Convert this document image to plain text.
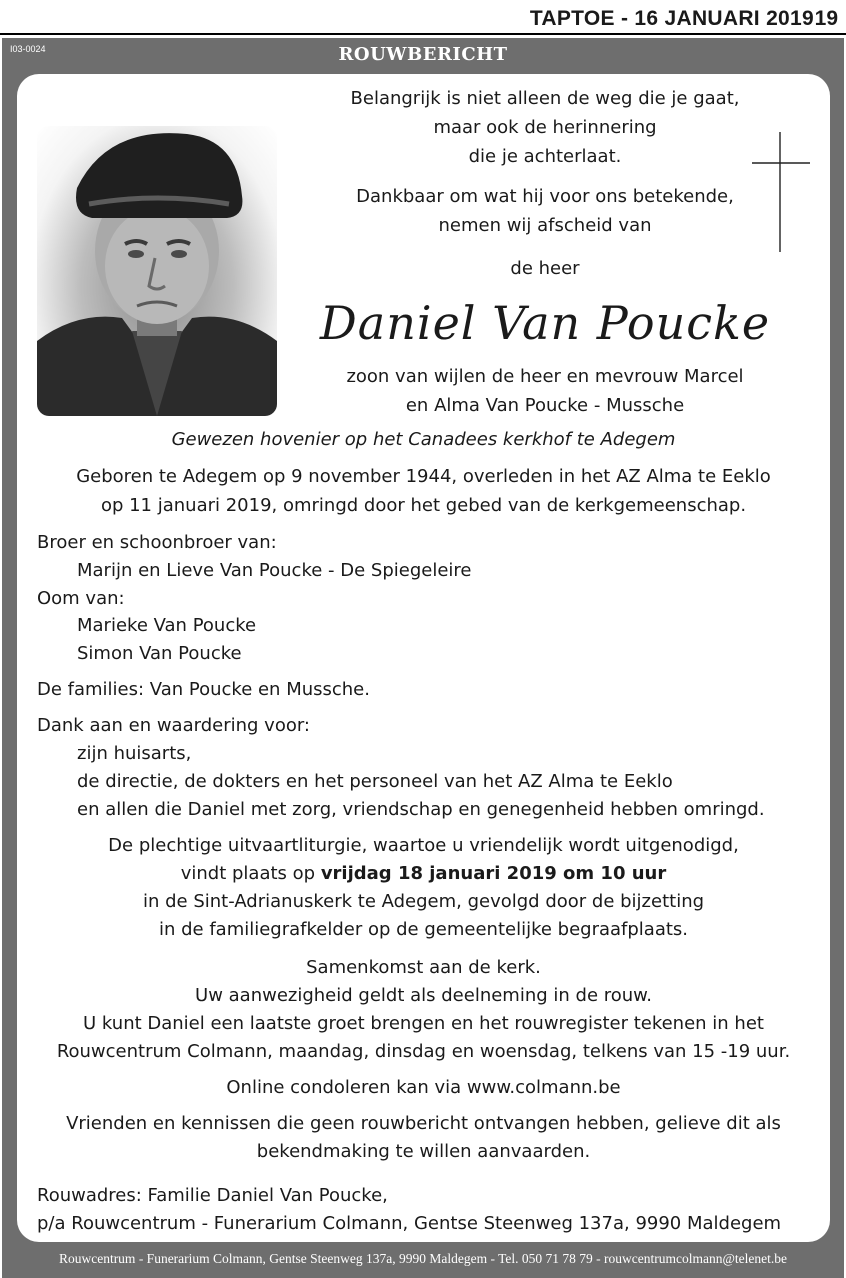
TAPTOE - 16 JANUARI 2019 19
I03-0024	ROUWBERICHT
Rouwcentrum - Funerarium Colmann, Gentse Steenweg 137a, 9990 Maldegem - Tel. 050 71 78 79 - rouwcentrumcolmann@telenet.be
Belangrijk is niet alleen de weg die je gaat,
maar ook de herinnering
die je achterlaat.
Dankbaar om wat hij voor ons betekende,
nemen wij afscheid van
de heer
Daniel Van Poucke
zoon van wijlen de heer en mevrouw Marcel
en Alma Van Poucke - Mussche
Gewezen hovenier op het Canadees kerkhof te Adegem
Geboren te Adegem op 9 november 1944, overleden in het AZ Alma te Eeklo
op 11 januari 2019, omringd door het gebed van de kerkgemeenschap.
Broer en schoonbroer van:
Marijn en Lieve Van Poucke - De Spiegeleire
Oom van:
Marieke Van Poucke
Simon Van Poucke
De families: Van Poucke en Mussche.
Dank aan en waardering voor:
zijn huisarts,
de directie, de dokters en het personeel van het AZ Alma te Eeklo
en allen die Daniel met zorg, vriendschap en genegenheid hebben omringd.
De plechtige uitvaartliturgie, waartoe u vriendelijk wordt uitgenodigd,
vindt plaats op vrijdag 18 januari 2019 om 10 uur
in de Sint-Adrianuskerk te Adegem, gevolgd door de bijzetting
in de familiegrafkelder op de gemeentelijke begraafplaats.
Samenkomst aan de kerk.
Uw aanwezigheid geldt als deelneming in de rouw.
U kunt Daniel een laatste groet brengen en het rouwregister tekenen in het
Rouwcentrum Colmann, maandag, dinsdag en woensdag, telkens van 15 -19 uur.
Online condoleren kan via www.colmann.be
Vrienden en kennissen die geen rouwbericht ontvangen hebben, gelieve dit als
bekendmaking te willen aanvaarden.
Rouwadres: Familie Daniel Van Poucke,
p/a Rouwcentrum - Funerarium Colmann, Gentse Steenweg 137a, 9990 Maldegem
